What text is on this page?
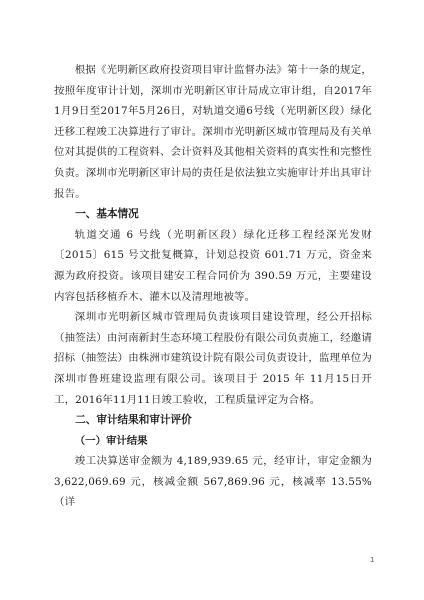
根据《光明新区政府投资项目审计监督办法》第十一条的规定，按照年度审计计划，深圳市光明新区审计局成立审计组，自2017年1月9日至2017年5月26日，对轨道交通6号线（光明新区段）绿化迁移工程竣工决算进行了审计。深圳市光明新区城市管理局及有关单位对其提供的工程资料、会计资料及其他相关资料的真实性和完整性负责。深圳市光明新区审计局的责任是依法独立实施审计并出具审计报告。

一、基本情况

轨道交通 6 号线（光明新区段）绿化迁移工程经深光发财〔2015〕615 号文批复概算，计划总投资 601.71 万元，资金来源为政府投资。该项目建安工程合同价为 390.59 万元，主要建设内容包括移植乔木、灌木以及清理地被等。

深圳市光明新区城市管理局负责该项目建设管理，经公开招标（抽签法）由河南新封生态环境工程股份有限公司负责施工，经邀请招标（抽签法）由株洲市建筑设计院有限公司负责设计，监理单位为深圳市鲁班建设监理有限公司。该项目于 2015 年 11月15日开工，2016年11月11日竣工验收，工程质量评定为合格。

二、审计结果和审计评价
（一）审计结果

竣工决算送审金额为 4,189,939.65 元，经审计，审定金额为3,622,069.69 元，核减金额 567,869.96 元，核减率 13.55%（详

1
